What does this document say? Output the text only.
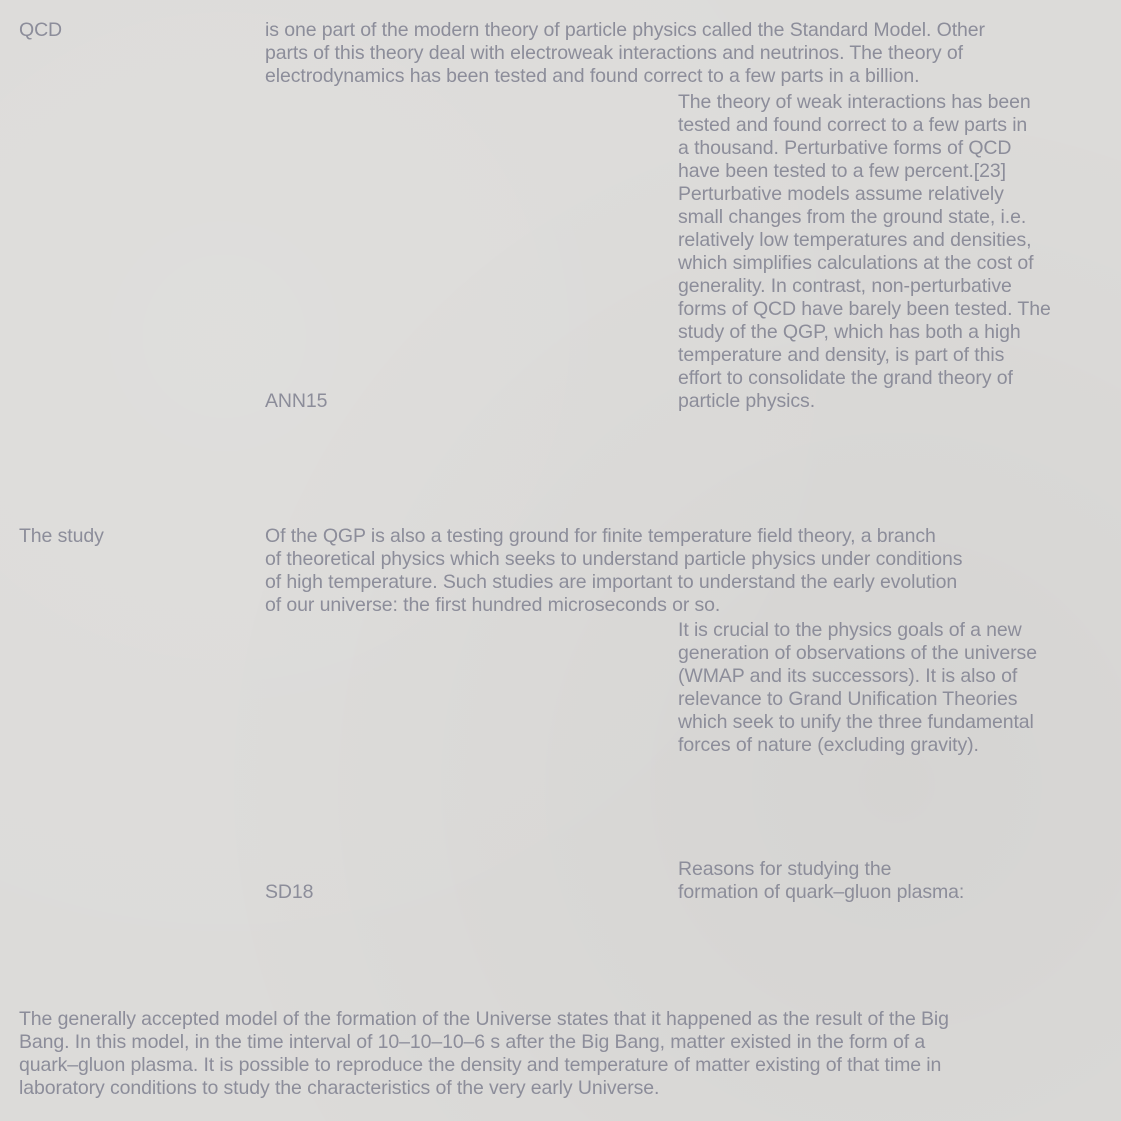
QCD	is one part of the modern theory of particle physics called the Standard Model. Other
parts of this theory deal with electroweak interactions and neutrinos. The theory of
electrodynamics has been tested and found correct to a few parts in a billion.

The theory of weak interactions has been
tested and found correct to a few parts in
a thousand. Perturbative forms of QCD
have been tested to a few percent.[23]
Perturbative models assume relatively
small changes from the ground state, i.e.
relatively low temperatures and densities,
which simplifies calculations at the cost of
generality. In contrast, non-perturbative
forms of QCD have barely been tested. The
study of the QGP, which has both a high
temperature and density, is part of this
effort to consolidate the grand theory of
particle physics.

ANN15

The study	Of the QGP is also a testing ground for finite temperature field theory, a branch
of theoretical physics which seeks to understand particle physics under conditions
of high temperature. Such studies are important to understand the early evolution
of our universe: the first hundred microseconds or so.

It is crucial to the physics goals of a new
generation of observations of the universe
(WMAP and its successors). It is also of
relevance to Grand Unification Theories
which seek to unify the three fundamental
forces of nature (excluding gravity).

Reasons for studying the
formation of quark–gluon plasma:

SD18

The generally accepted model of the formation of the Universe states that it happened as the result of the Big
Bang. In this model, in the time interval of 10–10–10–6 s after the Big Bang, matter existed in the form of a
quark–gluon plasma. It is possible to reproduce the density and temperature of matter existing of that time in
laboratory conditions to study the characteristics of the very early Universe.
